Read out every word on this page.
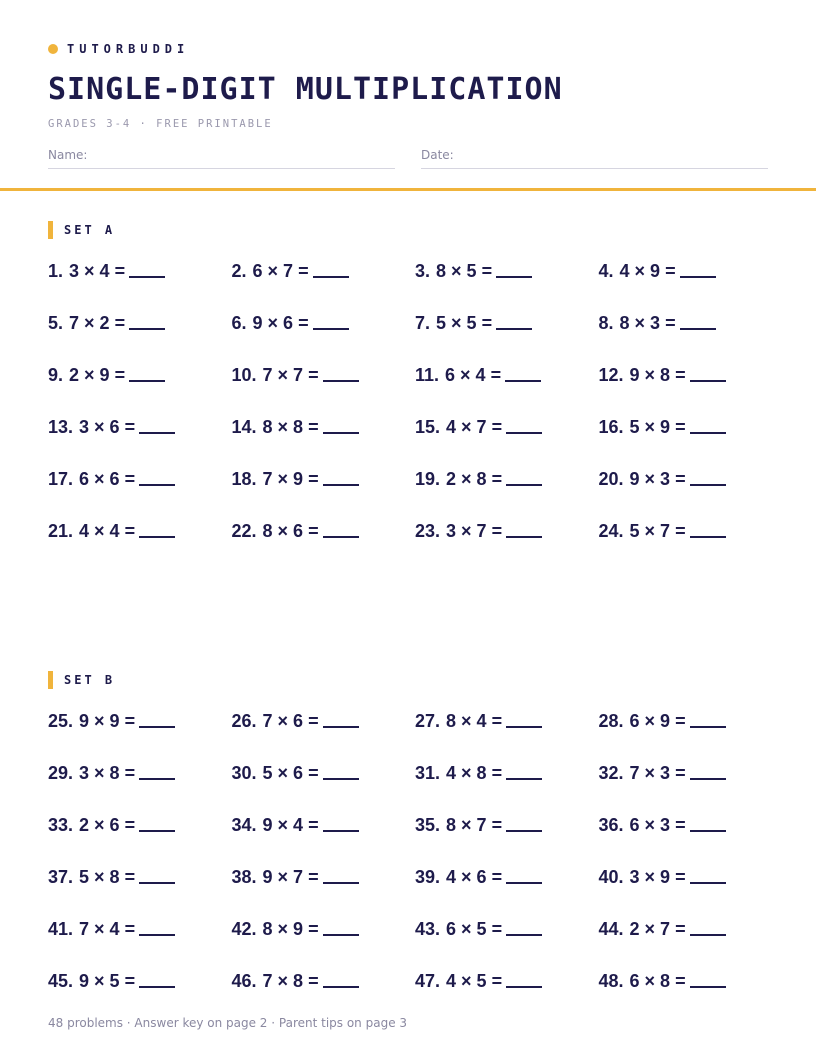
TUTORBUDDI
SINGLE-DIGIT MULTIPLICATION
GRADES 3-4 · FREE PRINTABLE
Name:	Date:
SET A
1. 3 × 4 =	2. 6 × 7 =	3. 8 × 5 =	4. 4 × 9 =
5. 7 × 2 =	6. 9 × 6 =	7. 5 × 5 =	8. 8 × 3 =
9. 2 × 9 =	10. 7 × 7 =	11. 6 × 4 =	12. 9 × 8 =
13. 3 × 6 =	14. 8 × 8 =	15. 4 × 7 =	16. 5 × 9 =
17. 6 × 6 =	18. 7 × 9 =	19. 2 × 8 =	20. 9 × 3 =
21. 4 × 4 =	22. 8 × 6 =	23. 3 × 7 =	24. 5 × 7 =
SET B
25. 9 × 9 =	26. 7 × 6 =	27. 8 × 4 =	28. 6 × 9 =
29. 3 × 8 =	30. 5 × 6 =	31. 4 × 8 =	32. 7 × 3 =
33. 2 × 6 =	34. 9 × 4 =	35. 8 × 7 =	36. 6 × 3 =
37. 5 × 8 =	38. 9 × 7 =	39. 4 × 6 =	40. 3 × 9 =
41. 7 × 4 =	42. 8 × 9 =	43. 6 × 5 =	44. 2 × 7 =
45. 9 × 5 =	46. 7 × 8 =	47. 4 × 5 =	48. 6 × 8 =
48 problems · Answer key on page 2 · Parent tips on page 3
